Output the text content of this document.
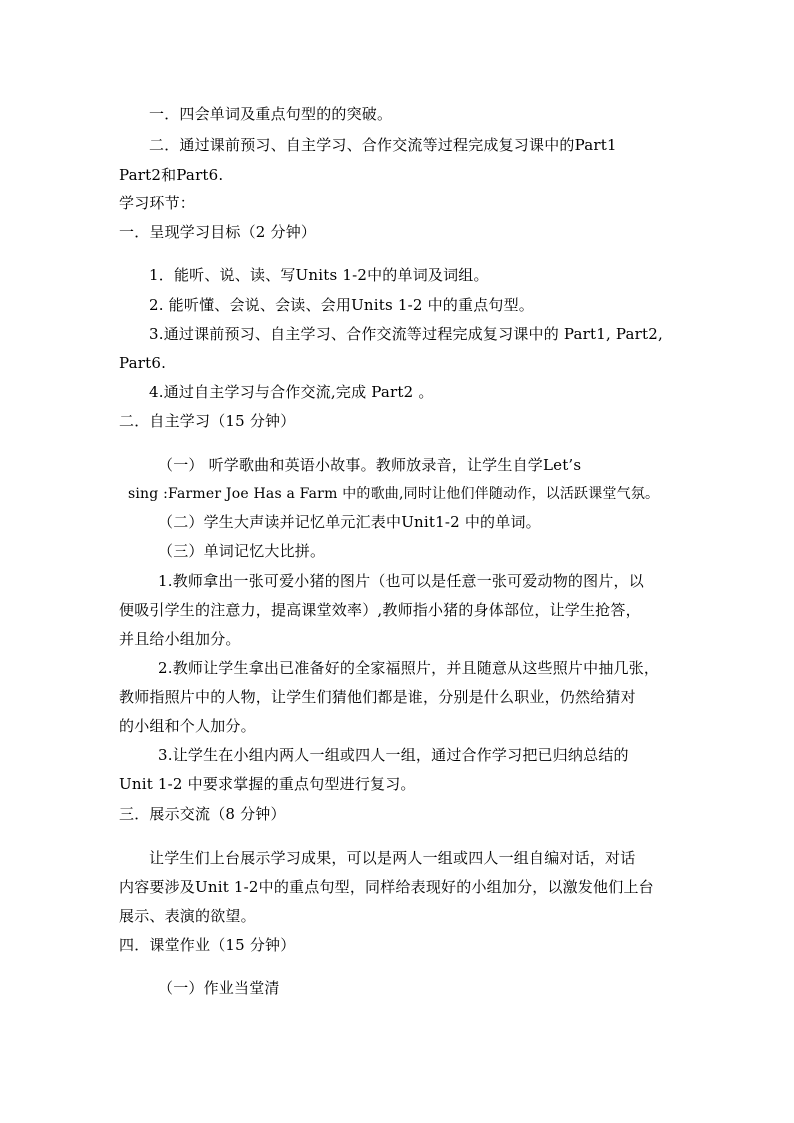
一．四会单词及重点句型的的突破。
二．通过课前预习、自主学习、合作交流等过程完成复习课中的Part1
Part2和Part6.
学习环节：
一．呈现学习目标（2 分钟）
1．能听、说、读、写Units 1-2中的单词及词组。
2. 能听懂、会说、会读、会用Units 1-2 中的重点句型。
3.通过课前预习、自主学习、合作交流等过程完成复习课中的 Part1, Part2,
Part6.
4.通过自主学习与合作交流,完成 Part2 。
二．自主学习（15 分钟）
（一） 听学歌曲和英语小故事。教师放录音，让学生自学Let’s
sing :Farmer Joe Has a Farm 中的歌曲,同时让他们伴随动作，以活跃课堂气氛。
（二）学生大声读并记忆单元汇表中Unit1-2 中的单词。
（三）单词记忆大比拼。
1.教师拿出一张可爱小猪的图片（也可以是任意一张可爱动物的图片，以
便吸引学生的注意力，提高课堂效率）,教师指小猪的身体部位，让学生抢答，
并且给小组加分。
2.教师让学生拿出已准备好的全家福照片，并且随意从这些照片中抽几张，
教师指照片中的人物，让学生们猜他们都是谁，分别是什么职业，仍然给猜对
的小组和个人加分。
3.让学生在小组内两人一组或四人一组，通过合作学习把已归纳总结的
Unit 1-2 中要求掌握的重点句型进行复习。
三．展示交流（8 分钟）
让学生们上台展示学习成果，可以是两人一组或四人一组自编对话，对话
内容要涉及Unit 1-2中的重点句型，同样给表现好的小组加分，以激发他们上台
展示、表演的欲望。
四．课堂作业（15 分钟）
（一）作业当堂清
